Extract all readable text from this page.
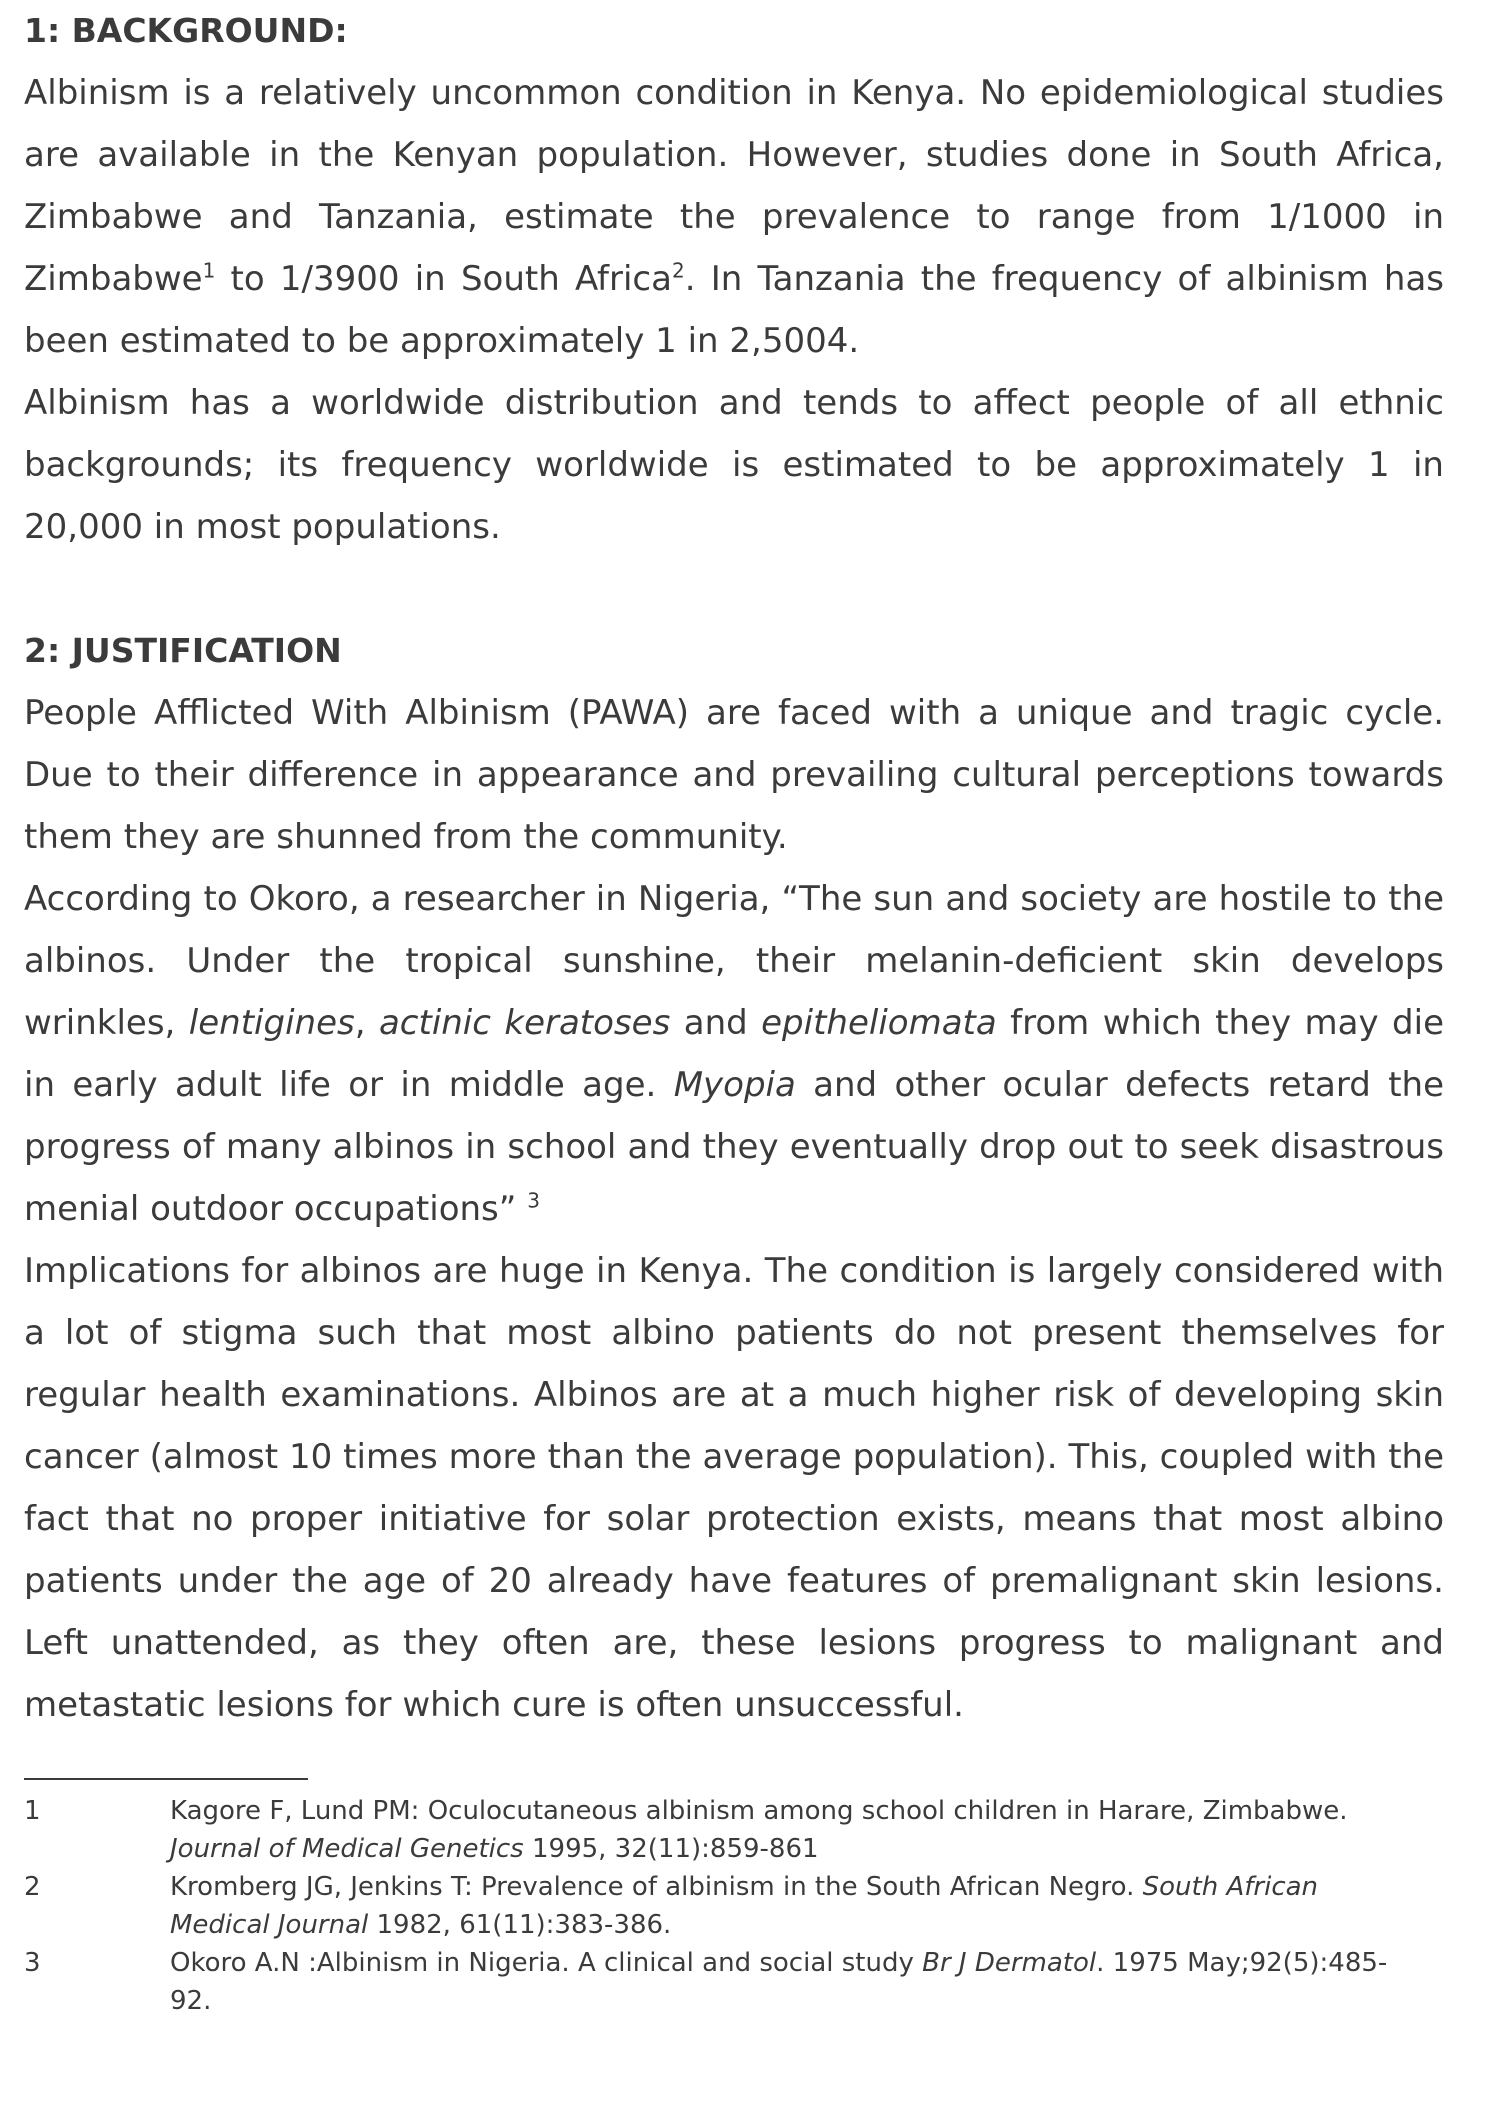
1: BACKGROUND:

Albinism is a relatively uncommon condition in Kenya. No epidemiological studies are available in the Kenyan population. However, studies done in South Africa, Zimbabwe and Tanzania, estimate the prevalence to range from 1/1000 in Zimbabwe$^1$ to 1/3900 in South Africa$^2$. In Tanzania the frequency of albinism has been estimated to be approximately 1 in 2,5004.

Albinism has a worldwide distribution and tends to affect people of all ethnic backgrounds; its frequency worldwide is estimated to be approximately 1 in 20,000 in most populations.

2: JUSTIFICATION

People Afflicted With Albinism (PAWA) are faced with a unique and tragic cycle. Due to their difference in appearance and prevailing cultural perceptions towards them they are shunned from the community.

According to Okoro, a researcher in Nigeria, “The sun and society are hostile to the albinos. Under the tropical sunshine, their melanin-deficient skin develops wrinkles, lentigines, actinic keratoses and epitheliomata from which they may die in early adult life or in middle age. Myopia and other ocular defects retard the progress of many albinos in school and they eventually drop out to seek disastrous menial outdoor occupations” $^3$

Implications for albinos are huge in Kenya. The condition is largely considered with a lot of stigma such that most albino patients do not present themselves for regular health examinations. Albinos are at a much higher risk of developing skin cancer (almost 10 times more than the average population). This, coupled with the fact that no proper initiative for solar protection exists, means that most albino patients under the age of 20 already have features of premalignant skin lesions. Left unattended, as they often are, these lesions progress to malignant and metastatic lesions for which cure is often unsuccessful.

1	Kagore F, Lund PM: Oculocutaneous albinism among school children in Harare, Zimbabwe. Journal of Medical Genetics 1995, 32(11):859-861
2	Kromberg JG, Jenkins T: Prevalence of albinism in the South African Negro. South African Medical Journal 1982, 61(11):383-386.
3	Okoro A.N :Albinism in Nigeria. A clinical and social study Br J Dermatol. 1975 May;92(5):485-92.
